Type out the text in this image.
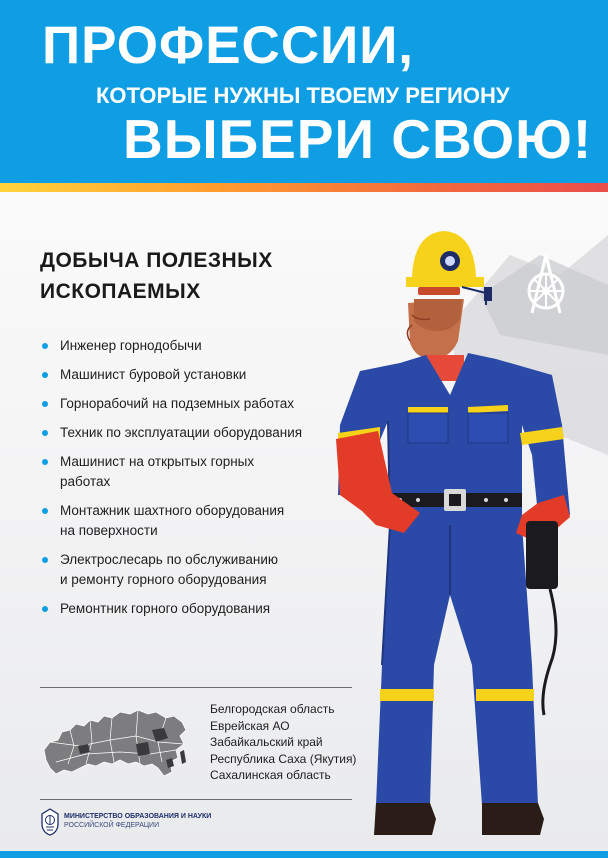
ПРОФЕССИИ,
КОТОРЫЕ НУЖНЫ ТВОЕМУ РЕГИОНУ
ВЫБЕРИ СВОЮ!
ДОБЫЧА ПОЛЕЗНЫХ ИСКОПАЕМЫХ
Инженер горнодобычи
Машинист буровой установки
Горнорабочий на подземных работах
Техник по эксплуатации оборудования
Машинист на открытых горных
работах
Монтажник шахтного оборудования
на поверхности
Электрослесарь по обслуживанию
и ремонту горного оборудования
Ремонтник горного оборудования
Белгородская область
Еврейская АО
Забайкальский край
Республика Саха (Якутия)
Сахалинская область
МИНИСТЕРСТВО ОБРАЗОВАНИЯ И НАУКИ
РОССИЙСКОЙ ФЕДЕРАЦИИ
